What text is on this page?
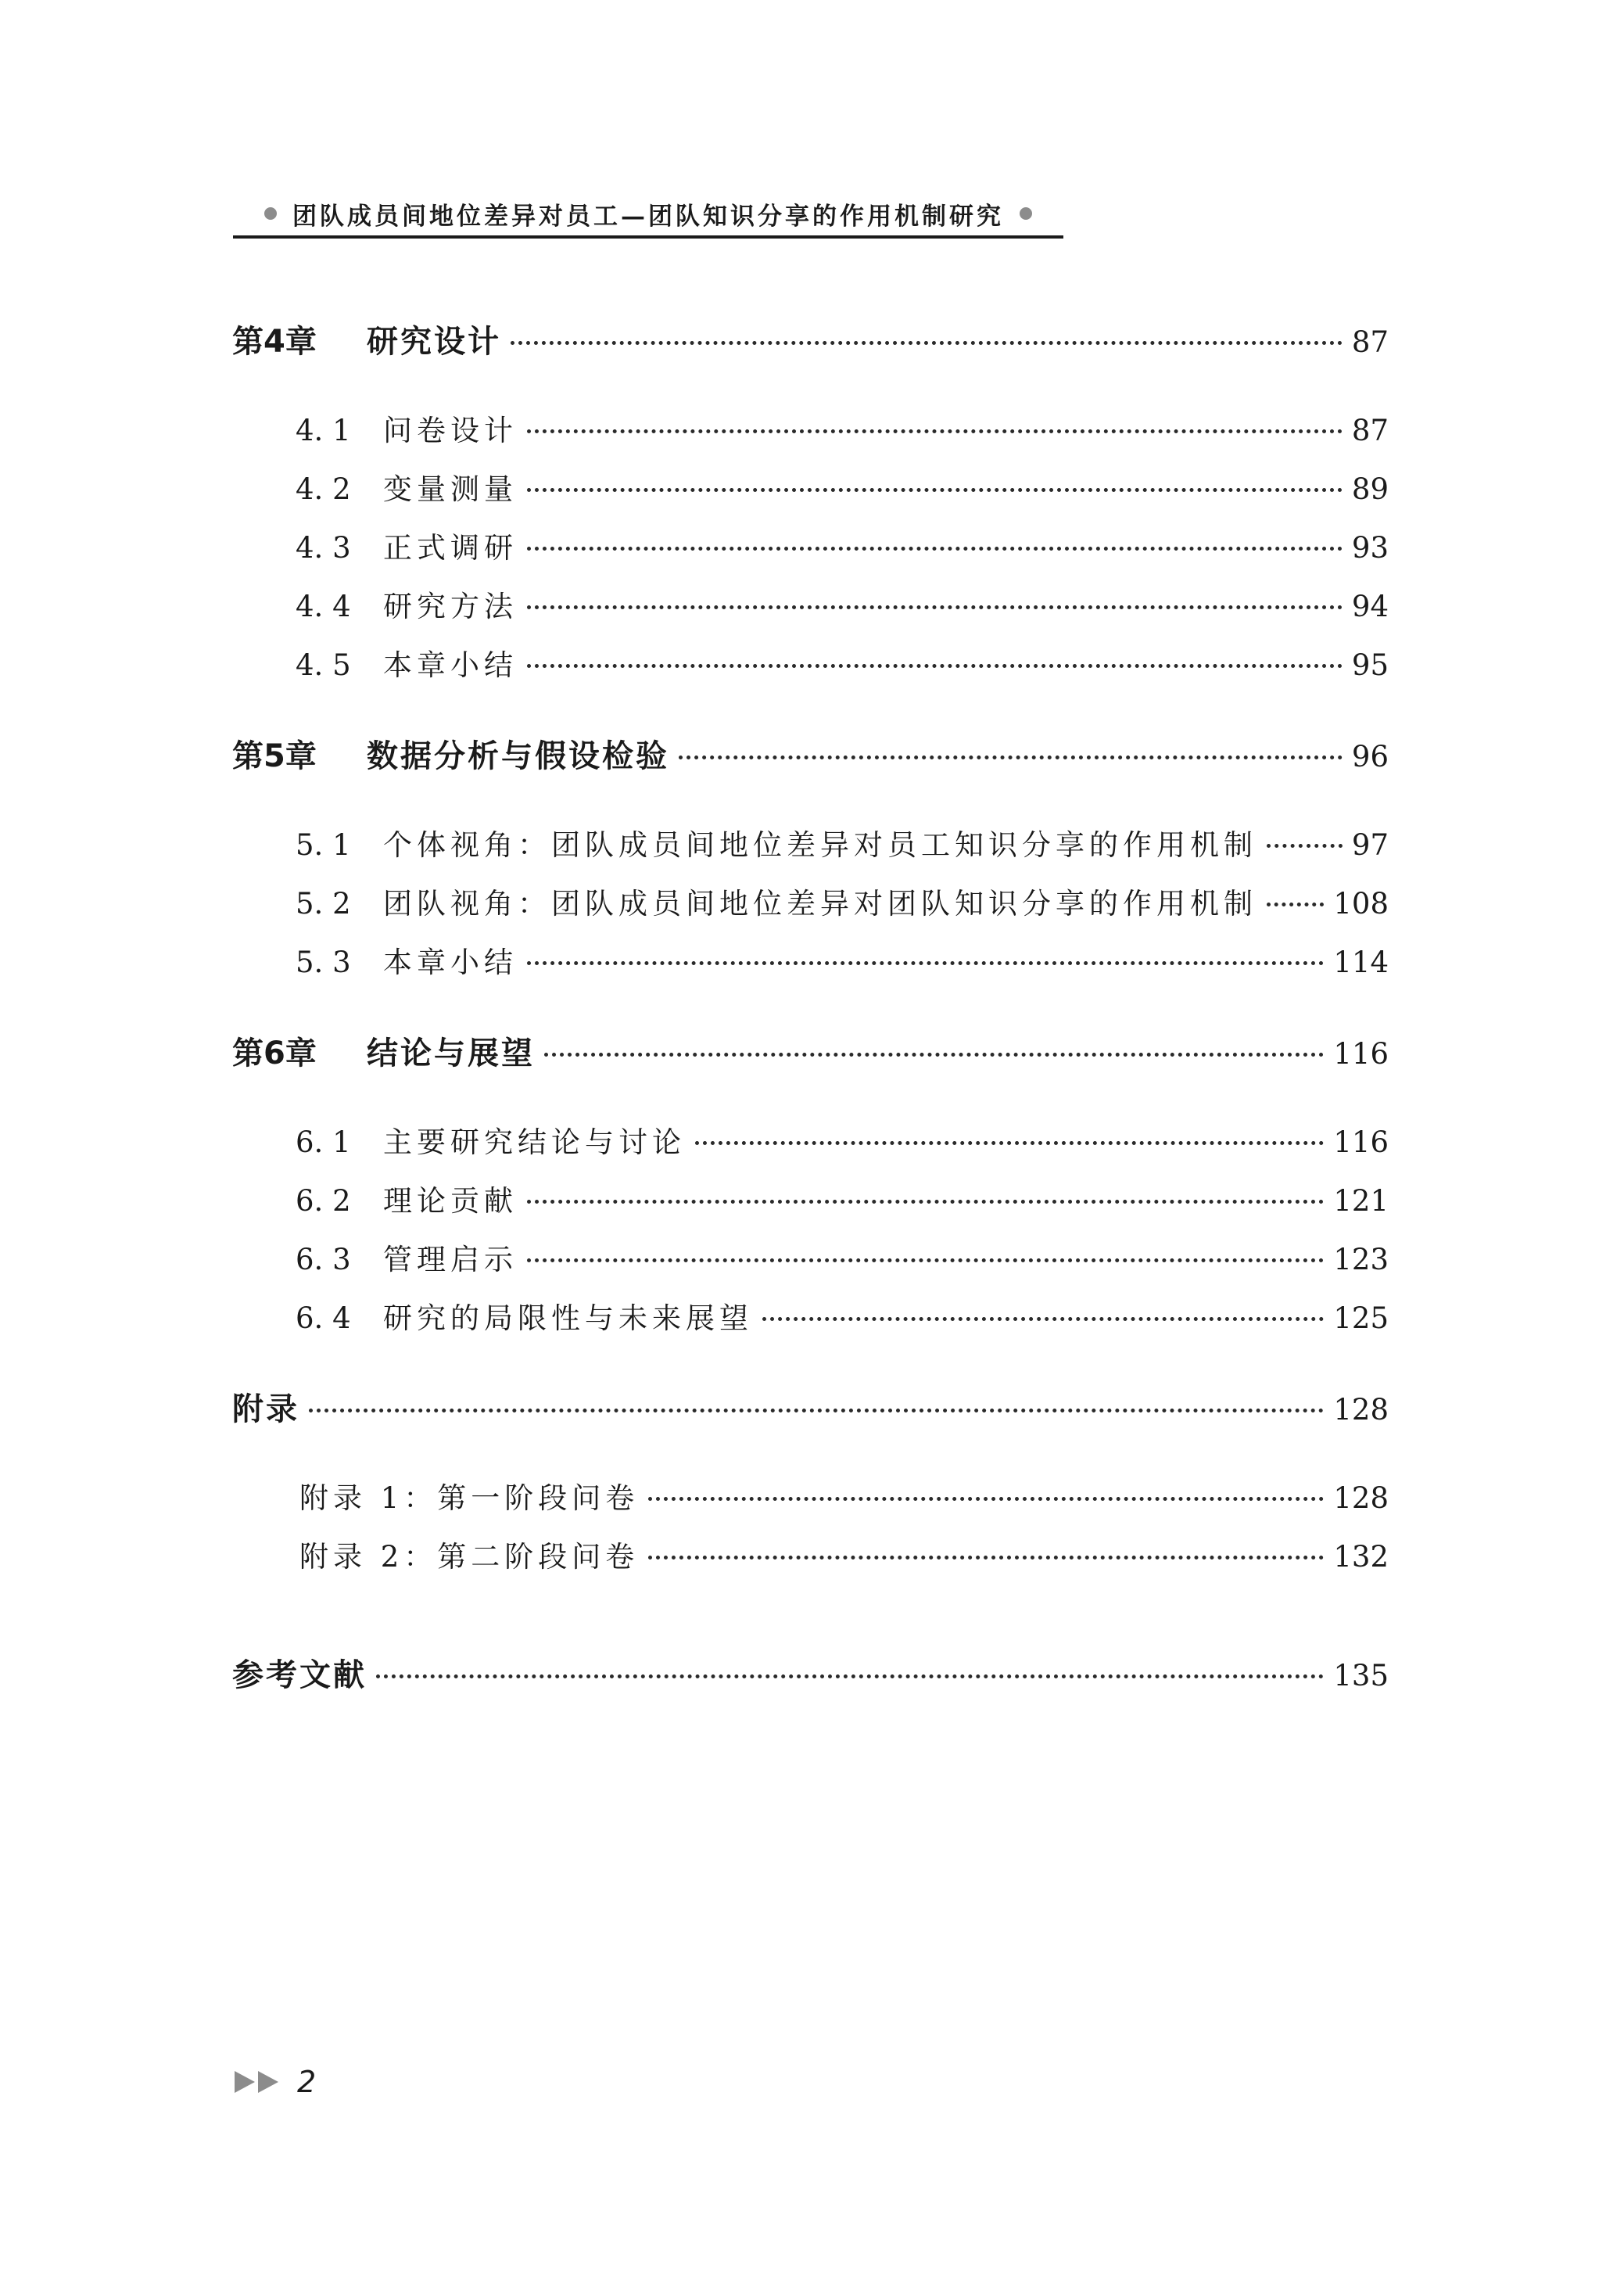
团队成员间地位差异对员工—团队知识分享的作用机制研究
第4章	研究设计	87
4. 1	问卷设计	87
4. 2	变量测量	89
4. 3	正式调研	93
4. 4	研究方法	94
4. 5	本章小结	95
第5章	数据分析与假设检验	96
5. 1	个体视角：团队成员间地位差异对员工知识分享的作用机制	97
5. 2	团队视角：团队成员间地位差异对团队知识分享的作用机制	108
5. 3	本章小结	114
第6章	结论与展望	116
6. 1	主要研究结论与讨论	116
6. 2	理论贡献	121
6. 3	管理启示	123
6. 4	研究的局限性与未来展望	125
附录	128
附录 1：第一阶段问卷	128
附录 2：第二阶段问卷	132
参考文献	135
2
